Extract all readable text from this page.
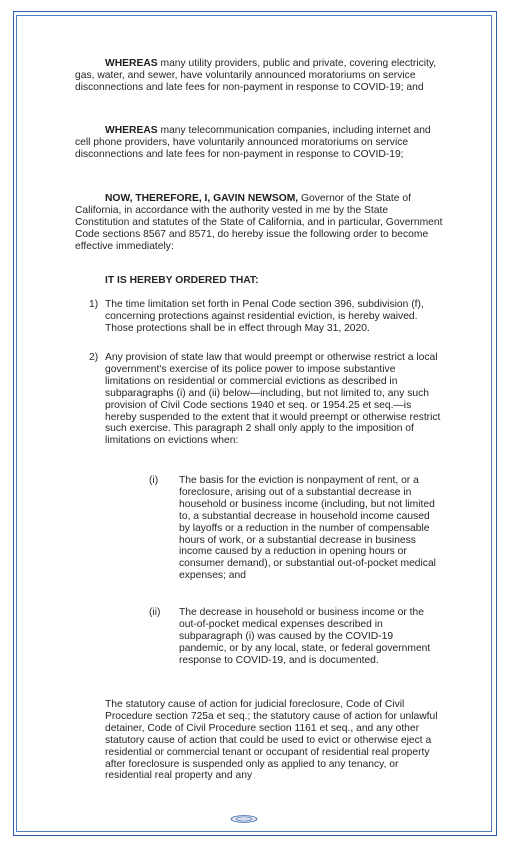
WHEREAS many utility providers, public and private, covering electricity, gas, water, and sewer, have voluntarily announced moratoriums on service disconnections and late fees for non-payment in response to COVID-19; and

WHEREAS many telecommunication companies, including internet and cell phone providers, have voluntarily announced moratoriums on service disconnections and late fees for non-payment in response to COVID-19;

NOW, THEREFORE, I, GAVIN NEWSOM, Governor of the State of California, in accordance with the authority vested in me by the State Constitution and statutes of the State of California, and in particular, Government Code sections 8567 and 8571, do hereby issue the following order to become effective immediately:

IT IS HEREBY ORDERED THAT:

1) The time limitation set forth in Penal Code section 396, subdivision (f), concerning protections against residential eviction, is hereby waived. Those protections shall be in effect through May 31, 2020.

2) Any provision of state law that would preempt or otherwise restrict a local government's exercise of its police power to impose substantive limitations on residential or commercial evictions as described in subparagraphs (i) and (ii) below—including, but not limited to, any such provision of Civil Code sections 1940 et seq. or 1954.25 et seq.—is hereby suspended to the extent that it would preempt or otherwise restrict such exercise. This paragraph 2 shall only apply to the imposition of limitations on evictions when:

(i) The basis for the eviction is nonpayment of rent, or a foreclosure, arising out of a substantial decrease in household or business income (including, but not limited to, a substantial decrease in household income caused by layoffs or a reduction in the number of compensable hours of work, or a substantial decrease in business income caused by a reduction in opening hours or consumer demand), or substantial out-of-pocket medical expenses; and

(ii) The decrease in household or business income or the out-of-pocket medical expenses described in subparagraph (i) was caused by the COVID-19 pandemic, or by any local, state, or federal government response to COVID-19, and is documented.

The statutory cause of action for judicial foreclosure, Code of Civil Procedure section 725a et seq.; the statutory cause of action for unlawful detainer, Code of Civil Procedure section 1161 et seq., and any other statutory cause of action that could be used to evict or otherwise eject a residential or commercial tenant or occupant of residential real property after foreclosure is suspended only as applied to any tenancy, or residential real property and any
